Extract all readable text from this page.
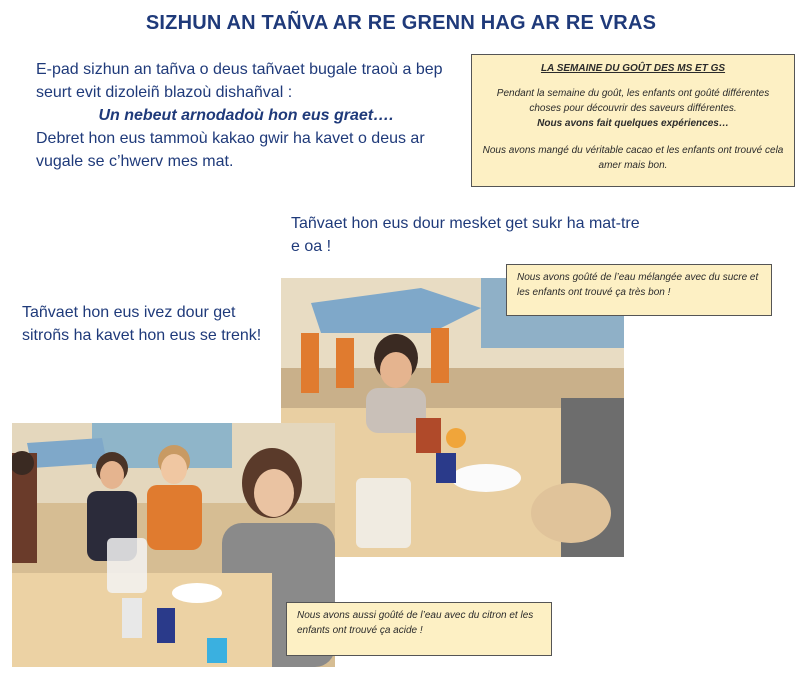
SIZHUN AN TAÑVA AR RE GRENN HAG AR RE VRAS
E-pad sizhun an tañva o deus tañvaet bugale traoù a bep seurt evit dizoleiñ blazoù dishañval :
Un nebeut arnodadoù hon eus graet….
Debret hon eus tammoù kakao gwir ha kavet o deus ar vugale se c’hwerv mes mat.
LA SEMAINE DU GOÛT DES MS ET GS

Pendant la semaine du goût, les enfants ont goûté différentes choses pour découvrir des saveurs différentes.

Nous avons fait quelques expériences…

Nous avons mangé du véritable cacao et les enfants ont trouvé cela amer mais bon.

Tañvaet hon eus dour mesket get sukr ha mat-tre e oa !
Nous avons goûté de l’eau mélangée avec du sucre et les enfants ont trouvé ça très bon !
Tañvaet hon eus ivez dour get sitroñs ha kavet hon eus se trenk!
Nous avons aussi goûté de l’eau avec du citron et les enfants ont trouvé ça acide !
